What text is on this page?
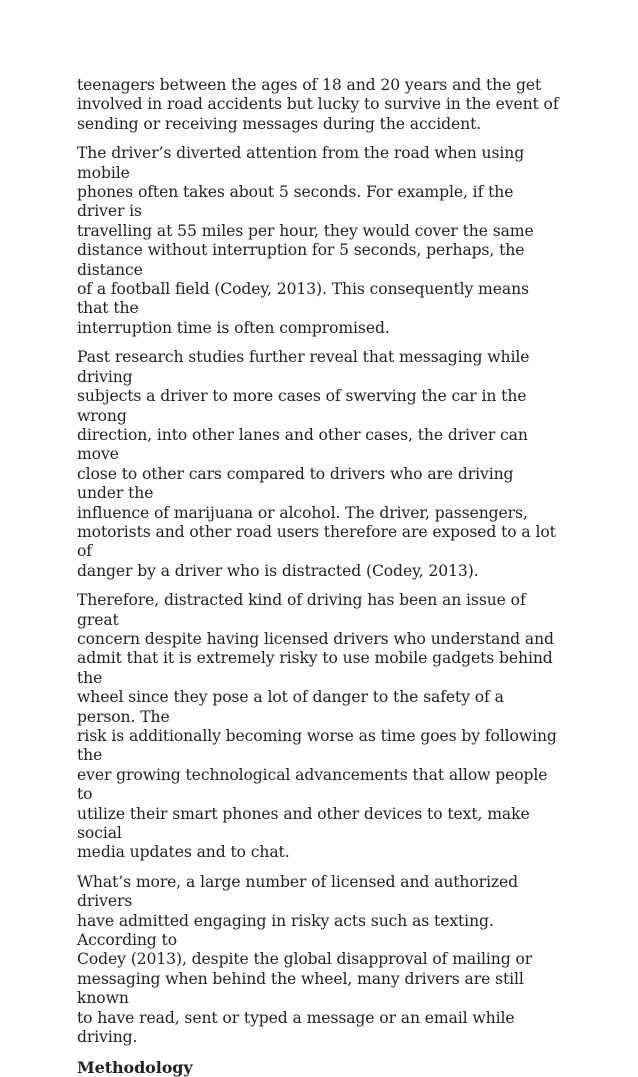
teenagers between the ages of 18 and 20 years and the get
involved in road accidents but lucky to survive in the event of
sending or receiving messages during the accident.

The driver’s diverted attention from the road when using mobile
phones often takes about 5 seconds. For example, if the driver is
travelling at 55 miles per hour, they would cover the same
distance without interruption for 5 seconds, perhaps, the distance
of a football field (Codey, 2013). This consequently means that the
interruption time is often compromised.

Past research studies further reveal that messaging while driving
subjects a driver to more cases of swerving the car in the wrong
direction, into other lanes and other cases, the driver can move
close to other cars compared to drivers who are driving under the
influence of marijuana or alcohol. The driver, passengers,
motorists and other road users therefore are exposed to a lot of
danger by a driver who is distracted (Codey, 2013).

Therefore, distracted kind of driving has been an issue of great
concern despite having licensed drivers who understand and
admit that it is extremely risky to use mobile gadgets behind the
wheel since they pose a lot of danger to the safety of a person. The
risk is additionally becoming worse as time goes by following the
ever growing technological advancements that allow people to
utilize their smart phones and other devices to text, make social
media updates and to chat.

What’s more, a large number of licensed and authorized drivers
have admitted engaging in risky acts such as texting. According to
Codey (2013), despite the global disapproval of mailing or
messaging when behind the wheel, many drivers are still known
to have read, sent or typed a message or an email while driving.

Methodology
